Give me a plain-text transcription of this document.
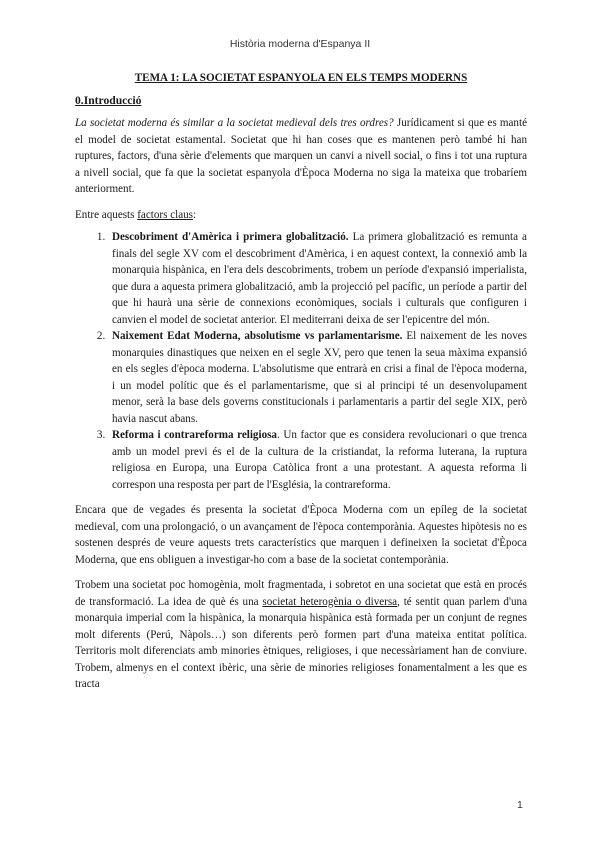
Història moderna d'Espanya II
TEMA 1: LA SOCIETAT ESPANYOLA EN ELS TEMPS MODERNS
0.Introducció

La societat moderna és similar a la societat medieval dels tres ordres? Jurídicament si que es manté el model de societat estamental. Societat que hi han coses que es mantenen però també hi han ruptures, factors, d'una sèrie d'elements que marquen un canvi a nivell social, o fins i tot una ruptura a nivell social, que fa que la societat espanyola d'Època Moderna no siga la mateixa que trobaríem anteriorment.

Entre aquests factors claus:

1. Descobriment d'Amèrica i primera globalització. La primera globalització es remunta a finals del segle XV com el descobriment d'Amèrica, i en aquest context, la connexió amb la monarquia hispànica, en l'era dels descobriments, trobem un període d'expansió imperialista, que dura a aquesta primera globalització, amb la projecció pel pacífic, un període a partir del que hi haurà una sèrie de connexions econòmiques, socials i culturals que configuren i canvien el model de societat anterior. El mediterrani deixa de ser l'epicentre del món.
2. Naixement Edat Moderna, absolutisme vs parlamentarisme. El naixement de les noves monarquies dinastiques que neixen en el segle XV, pero que tenen la seua màxima expansió en els segles d'època moderna. L'absolutisme que entrarà en crisi a final de l'època moderna, i un model polític que és el parlamentarisme, que si al principi té un desenvolupament menor, serà la base dels governs constitucionals i parlamentaris a partir del segle XIX, però havia nascut abans.
3. Reforma i contrareforma religiosa. Un factor que es considera revolucionari o que trenca amb un model previ és el de la cultura de la cristiandat, la reforma luterana, la ruptura religiosa en Europa, una Europa Catòlica front a una protestant. A aquesta reforma li correspon una resposta per part de l'Església, la contrareforma.

Encara que de vegades és presenta la societat d'Època Moderna com un epíleg de la societat medieval, com una prolongació, o un avançament de l'època contemporània. Aquestes hipòtesis no es sostenen després de veure aquests trets característics que marquen i defineixen la societat d'Època Moderna, que ens obliguen a investigar-ho com a base de la societat contemporània.

Trobem una societat poc homogènia, molt fragmentada, i sobretot en una societat que està en procés de transformació. La idea de què és una societat heterogènia o diversa, té sentit quan parlem d'una monarquia imperial com la hispànica, la monarquia hispànica està formada per un conjunt de regnes molt diferents (Perú, Nàpols…) son diferents però formen part d'una mateixa entitat política. Territoris molt diferenciats amb minories ètniques, religioses, i que necessàriament han de conviure. Trobem, almenys en el context ibèric, una sèrie de minories religioses fonamentalment a les que es tracta

1
